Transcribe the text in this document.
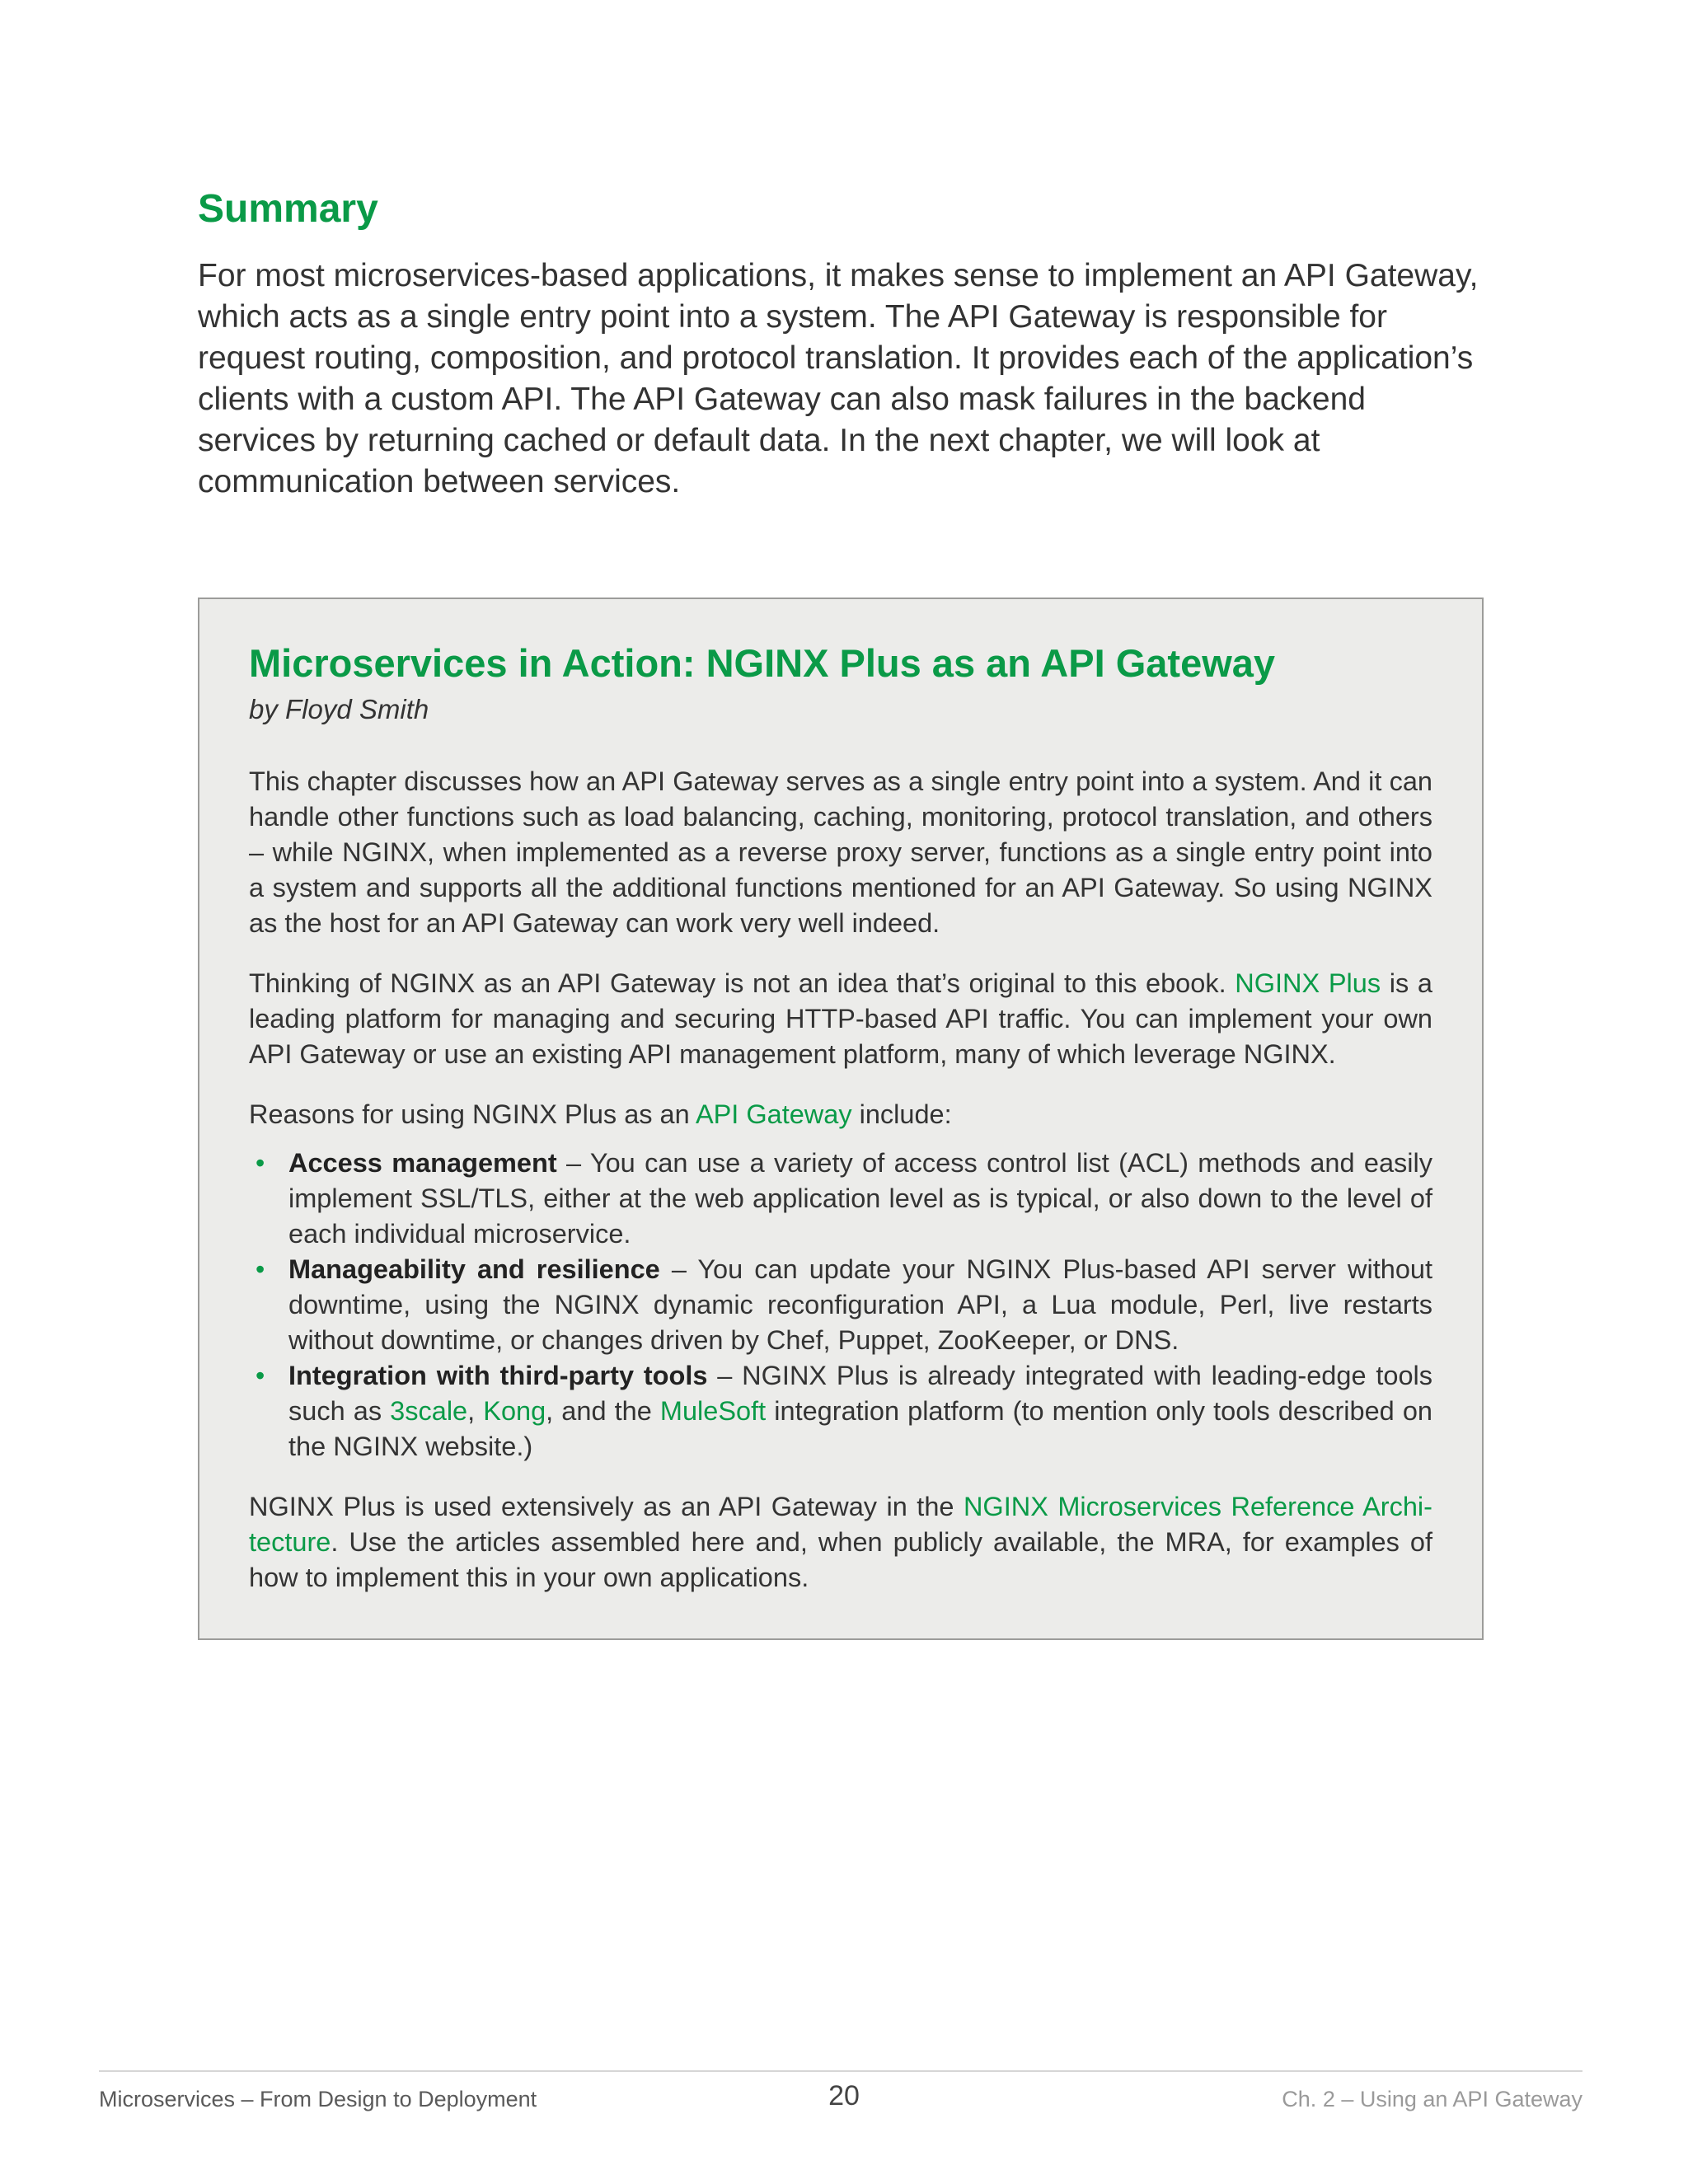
Summary

For most microservices-based applications, it makes sense to implement an API Gateway, which acts as a single entry point into a system. The API Gateway is responsible for request routing, composition, and protocol translation. It provides each of the application’s clients with a custom API. The API Gateway can also mask failures in the backend services by returning cached or default data. In the next chapter, we will look at communication between services.

Microservices in Action: NGINX Plus as an API Gateway
by Floyd Smith

This chapter discusses how an API Gateway serves as a single entry point into a system. And it can handle other functions such as load balancing, caching, monitoring, protocol translation, and others – while NGINX, when implemented as a reverse proxy server, functions as a single entry point into a system and supports all the additional functions mentioned for an API Gateway. So using NGINX as the host for an API Gateway can work very well indeed.

Thinking of NGINX as an API Gateway is not an idea that’s original to this ebook. NGINX Plus is a leading platform for managing and securing HTTP-based API traffic. You can implement your own API Gateway or use an existing API management platform, many of which leverage NGINX.

Reasons for using NGINX Plus as an API Gateway include:

• Access management – You can use a variety of access control list (ACL) methods and easily implement SSL/TLS, either at the web application level as is typical, or also down to the level of each individual microservice.
• Manageability and resilience – You can update your NGINX Plus-based API server without downtime, using the NGINX dynamic reconfiguration API, a Lua module, Perl, live restarts without downtime, or changes driven by Chef, Puppet, ZooKeeper, or DNS.
• Integration with third-party tools – NGINX Plus is already integrated with leading-edge tools such as 3scale, Kong, and the MuleSoft integration platform (to mention only tools described on the NGINX website.)

NGINX Plus is used extensively as an API Gateway in the NGINX Microservices Reference Archi-tecture. Use the articles assembled here and, when publicly available, the MRA, for examples of how to implement this in your own applications.

Microservices – From Design to Deployment	20	Ch. 2 – Using an API Gateway
